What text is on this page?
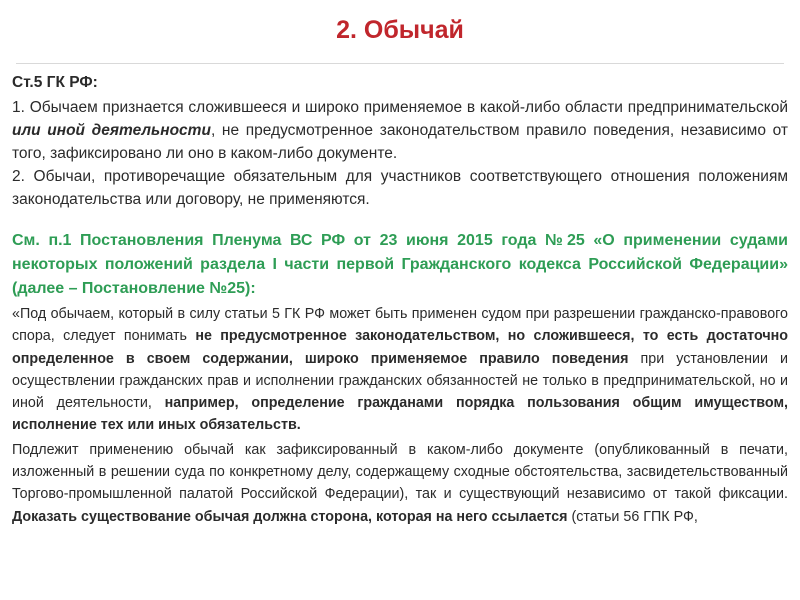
2. Обычай
Ст.5 ГК РФ:

1. Обычаем признается сложившееся и широко применяемое в какой-либо области предпринимательской или иной деятельности, не предусмотренное законодательством правило поведения, независимо от того, зафиксировано ли оно в каком-либо документе.

2. Обычаи, противоречащие обязательным для участников соответствующего отношения положениям законодательства или договору, не применяются.

См. п.1 Постановления Пленума ВС РФ от 23 июня 2015 года №25 «О применении судами некоторых положений раздела I части первой Гражданского кодекса Российской Федерации» (далее – Постановление №25):

«Под обычаем, который в силу статьи 5 ГК РФ может быть применен судом при разрешении гражданско-правового спора, следует понимать не предусмотренное законодательством, но сложившееся, то есть достаточно определенное в своем содержании, широко применяемое правило поведения при установлении и осуществлении гражданских прав и исполнении гражданских обязанностей не только в предпринимательской, но и иной деятельности, например, определение гражданами порядка пользования общим имуществом, исполнение тех или иных обязательств.

Подлежит применению обычай как зафиксированный в каком-либо документе (опубликованный в печати, изложенный в решении суда по конкретному делу, содержащему сходные обстоятельства, засвидетельствованный Торгово-промышленной палатой Российской Федерации), так и существующий независимо от такой фиксации. Доказать существование обычая должна сторона, которая на него ссылается (статьи 56 ГПК РФ,
